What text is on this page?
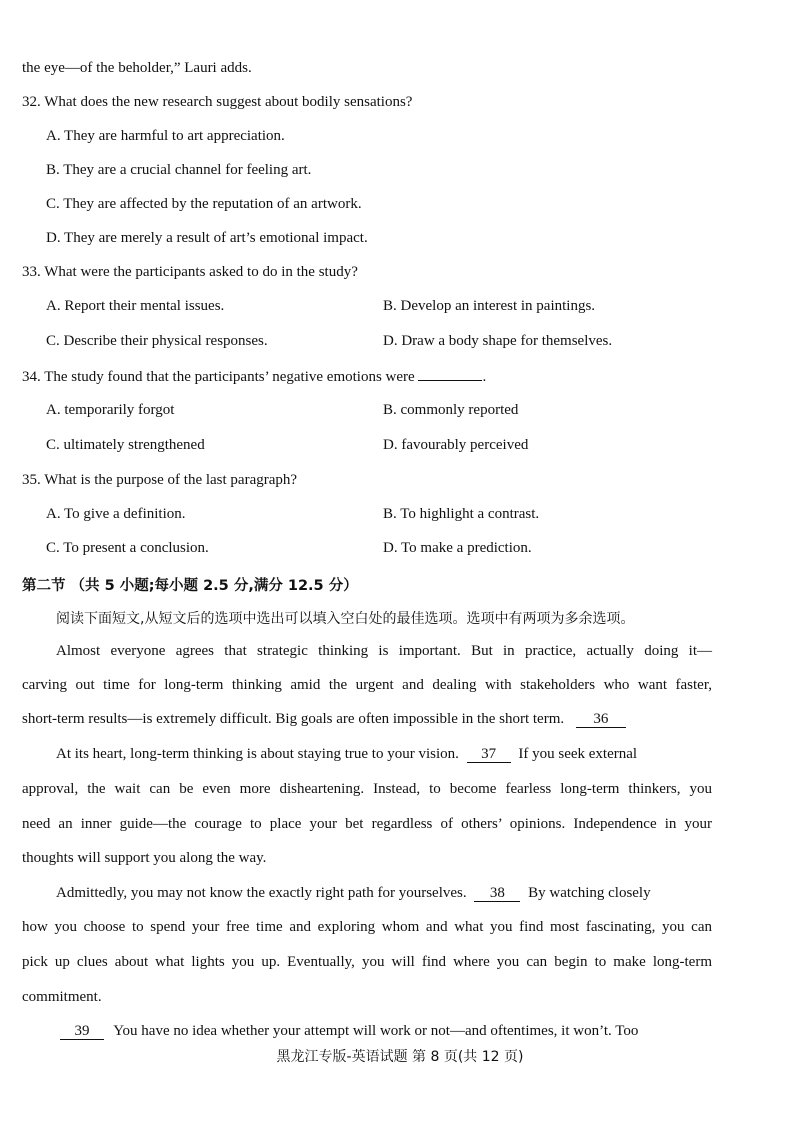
the eye—of the beholder,” Lauri adds.
32. What does the new research suggest about bodily sensations?
A. They are harmful to art appreciation.
B. They are a crucial channel for feeling art.
C. They are affected by the reputation of an artwork.
D. They are merely a result of art’s emotional impact.
33. What were the participants asked to do in the study?
A. Report their mental issues.	B. Develop an interest in paintings.
C. Describe their physical responses.	D. Draw a body shape for themselves.
34. The study found that the participants’ negative emotions were	.
A. temporarily forgot	B. commonly reported
C. ultimately strengthened	D. favourably perceived
35. What is the purpose of the last paragraph?
A. To give a definition.	B. To highlight a contrast.
C. To present a conclusion.	D. To make a prediction.
第二节 （共 5 小题;每小题 2.5 分,满分 12.5 分）
阅读下面短文,从短文后的选项中选出可以填入空白处的最佳选项。选项中有两项为多余选项。
Almost everyone agrees that strategic thinking is important. But in practice, actually doing it—
carving out time for long-term thinking amid the urgent and dealing with stakeholders who want faster,
short-term results—is extremely difficult. Big goals are often impossible in the short term. 36
At its heart, long-term thinking is about staying true to your vision. 37 If you seek external
approval, the wait can be even more disheartening. Instead, to become fearless long-term thinkers, you
need an inner guide—the courage to place your bet regardless of others’ opinions. Independence in your
thoughts will support you along the way.
Admittedly, you may not know the exactly right path for yourselves. 38 By watching closely
how you choose to spend your free time and exploring whom and what you find most fascinating, you can
pick up clues about what lights you up. Eventually, you will find where you can begin to make long-term
commitment.
39 You have no idea whether your attempt will work or not—and oftentimes, it won’t. Too
黑龙江专版-英语试题 第 8 页(共 12 页)
